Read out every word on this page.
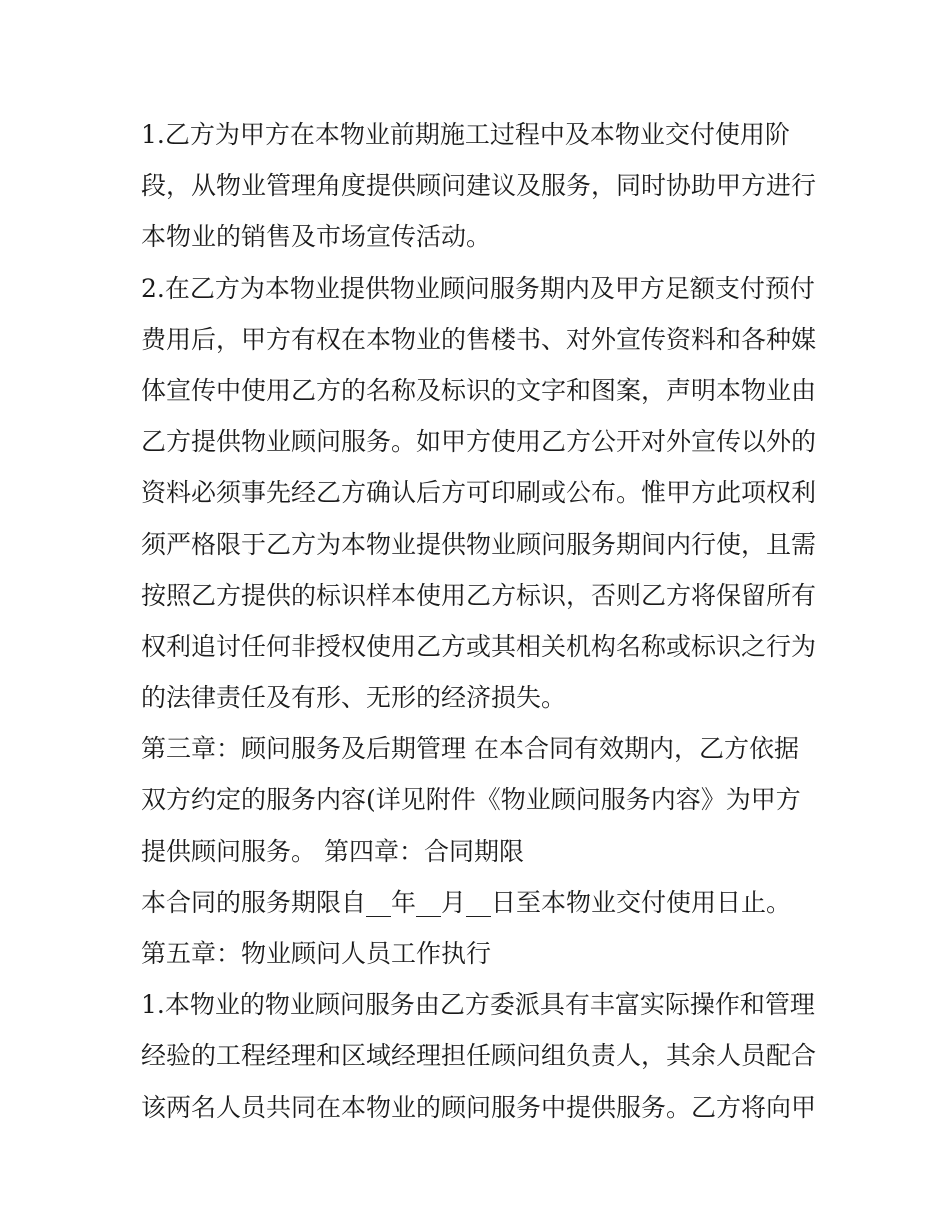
1.乙方为甲方在本物业前期施工过程中及本物业交付使用阶
段，从物业管理角度提供顾问建议及服务，同时协助甲方进行
本物业的销售及市场宣传活动。
2.在乙方为本物业提供物业顾问服务期内及甲方足额支付预付
费用后，甲方有权在本物业的售楼书、对外宣传资料和各种媒
体宣传中使用乙方的名称及标识的文字和图案，声明本物业由
乙方提供物业顾问服务。如甲方使用乙方公开对外宣传以外的
资料必须事先经乙方确认后方可印刷或公布。惟甲方此项权利
须严格限于乙方为本物业提供物业顾问服务期间内行使，且需
按照乙方提供的标识样本使用乙方标识，否则乙方将保留所有
权利追讨任何非授权使用乙方或其相关机构名称或标识之行为
的法律责任及有形、无形的经济损失。
第三章：顾问服务及后期管理 在本合同有效期内，乙方依据
双方约定的服务内容(详见附件《物业顾问服务内容》为甲方
提供顾问服务。 第四章：合同期限
本合同的服务期限自__年__月__日至本物业交付使用日止。
第五章：物业顾问人员工作执行
1.本物业的物业顾问服务由乙方委派具有丰富实际操作和管理
经验的工程经理和区域经理担任顾问组负责人，其余人员配合
该两名人员共同在本物业的顾问服务中提供服务。乙方将向甲
